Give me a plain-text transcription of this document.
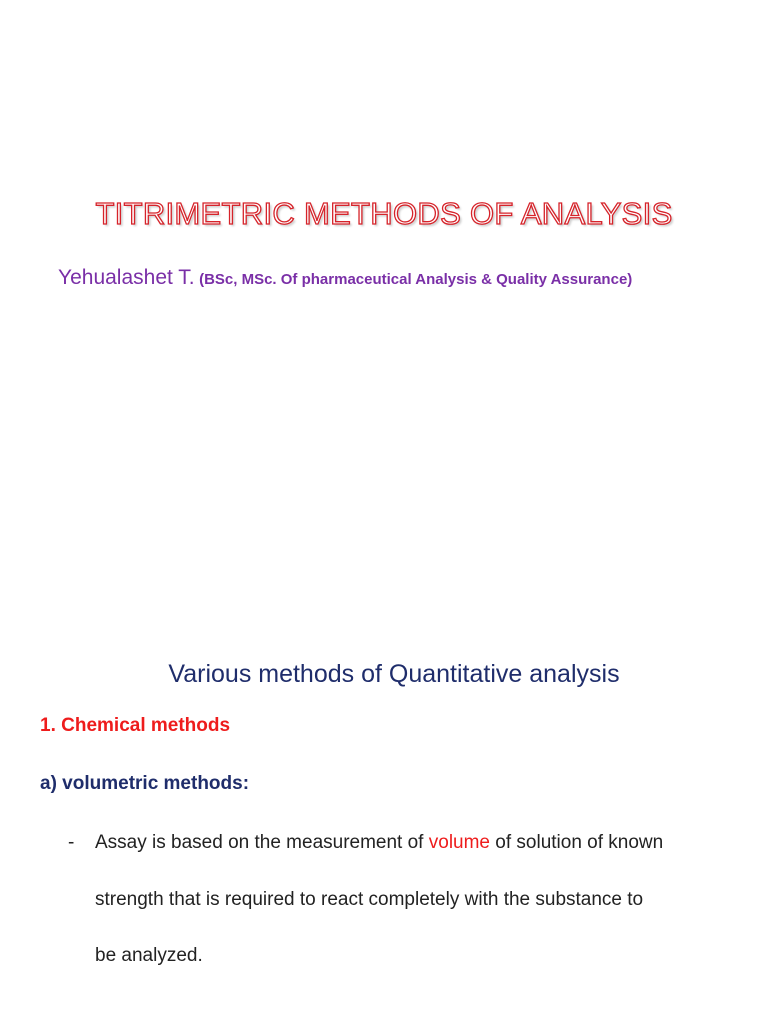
TITRIMETRIC METHODS OF ANALYSIS
Yehualashet T. (BSc, MSc. Of pharmaceutical Analysis & Quality Assurance)
Various methods of Quantitative analysis
1. Chemical methods
a) volumetric methods:
- Assay is based on the measurement of volume of solution of known
strength that is required to react completely with the substance to
be analyzed.
